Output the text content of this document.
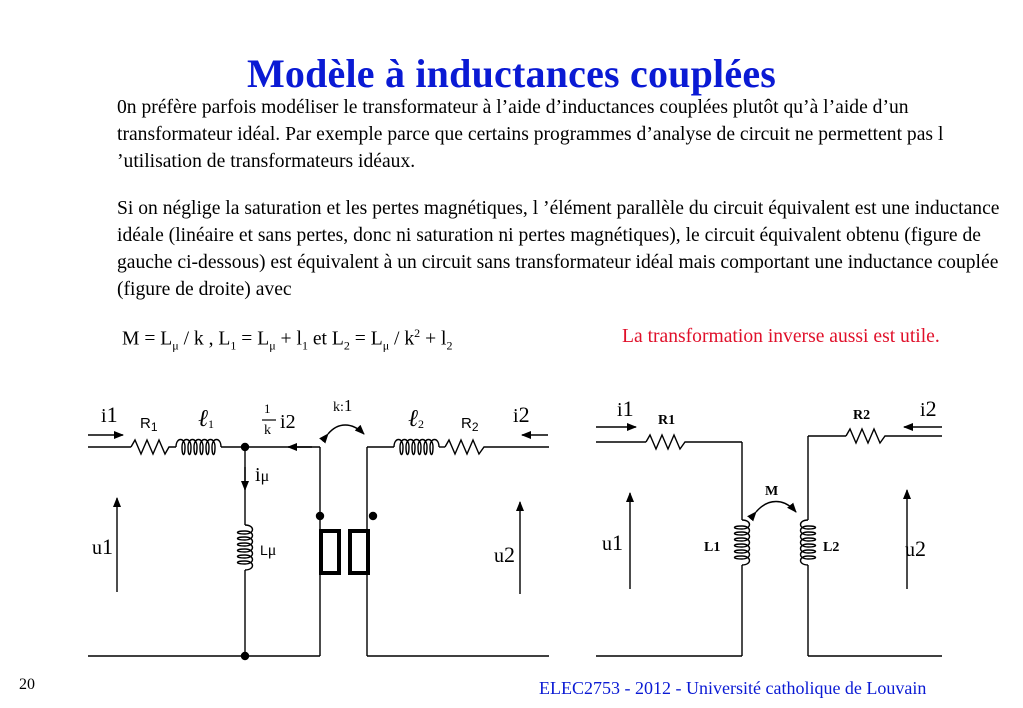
Modèle à inductances couplées
0n préfère parfois modéliser le transformateur à l’aide d’inductances couplées plutôt qu’à l’aide d’un transformateur idéal. Par exemple parce que certains programmes d’analyse de circuit ne permettent pas l ’utilisation de transformateurs idéaux.
Si on néglige la saturation et les pertes magnétiques, l ’élément parallèle du circuit équivalent est une inductance idéale (linéaire et sans pertes, donc ni saturation ni pertes magnétiques), le circuit équivalent obtenu (figure de gauche ci-dessous) est équivalent à un circuit sans transformateur idéal mais comportant une inductance couplée (figure de droite) avec
$M = L_\mu / k$ , $L_1 = L_\mu + l_1$ et $L_2 = L_\mu / k^2 + l_2$	La transformation inverse aussi est utile.
i1 $R_1$ ℓ1
1
k i2
k:1
ℓ2 $R_2$ i2
iμ
Lμ
u1	u2
i1 R1	R2 i2
M
L1	L2
u1	u2
20	ELEC2753 - 2012 - Université catholique de Louvain
